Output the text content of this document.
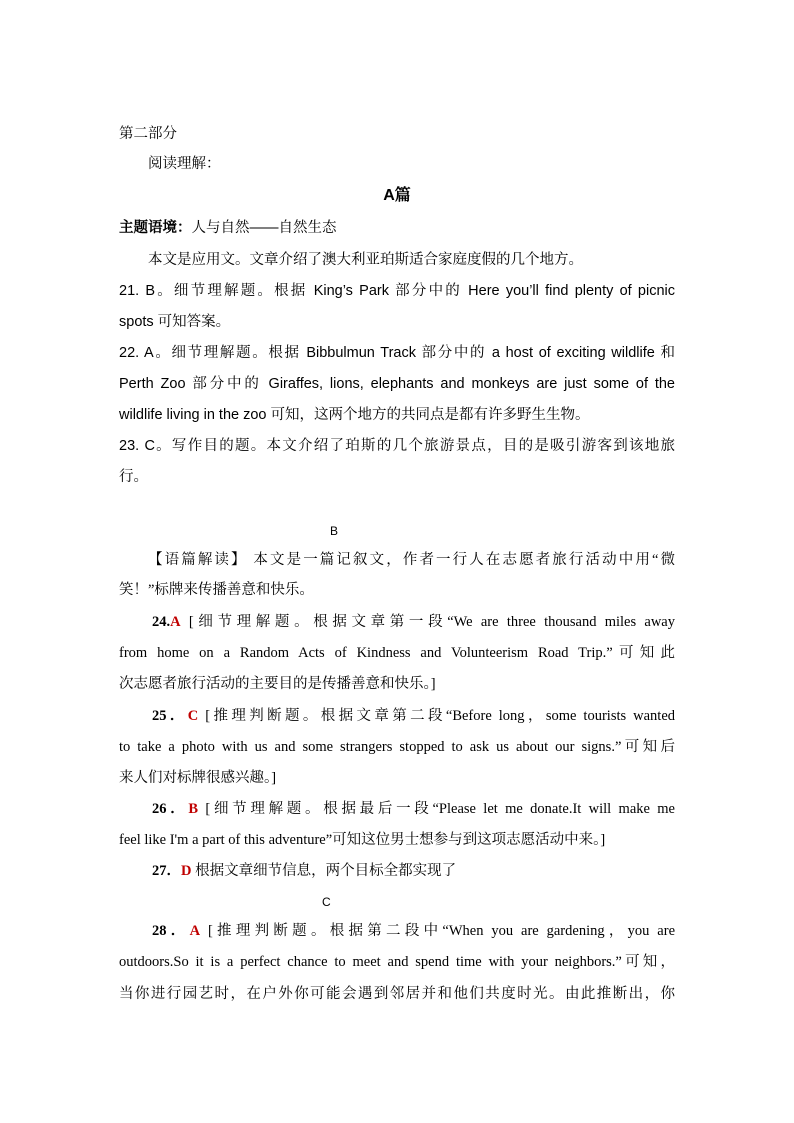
第二部分
阅读理解：
A篇
主题语境：人与自然——自然生态
本文是应用文。文章介绍了澳大利亚珀斯适合家庭度假的几个地方。
21. B。细节理解题。根据 King’s Park 部分中的 Here you’ll find plenty of picnic
spots 可知答案。
22. A。细节理解题。根据 Bibbulmun Track 部分中的 a host of exciting wildlife 和
Perth Zoo 部分中的 Giraffes, lions, elephants and monkeys are just some of the
wildlife living in the zoo 可知，这两个地方的共同点是都有许多野生生物。
23. C。写作目的题。本文介绍了珀斯的几个旅游景点，目的是吸引游客到该地旅
行。
B
【语篇解读】 本文是一篇记叙文，作者一行人在志愿者旅行活动中用“微
笑！”标牌来传播善意和快乐。
24.A [细节理解题。根据文章第一段“We are three thousand miles away
from home on a Random Acts of Kindness and Volunteerism Road Trip.”可知此
次志愿者旅行活动的主要目的是传播善意和快乐。]
25．C [推理判断题。根据文章第二段“Before long，some tourists wanted
to take a photo with us and some strangers stopped to ask us about our signs.”可知后
来人们对标牌很感兴趣。]
26．B [细节理解题。根据最后一段“Please let me donate.It will make me
feel like I'm a part of this adventure”可知这位男士想参与到这项志愿活动中来。]
27．D 根据文章细节信息，两个目标全都实现了
C
28．A [推理判断题。根据第二段中“When you are gardening，you are
outdoors.So it is a perfect chance to meet and spend time with your neighbors.”可知，
当你进行园艺时，在户外你可能会遇到邻居并和他们共度时光。由此推断出，你
